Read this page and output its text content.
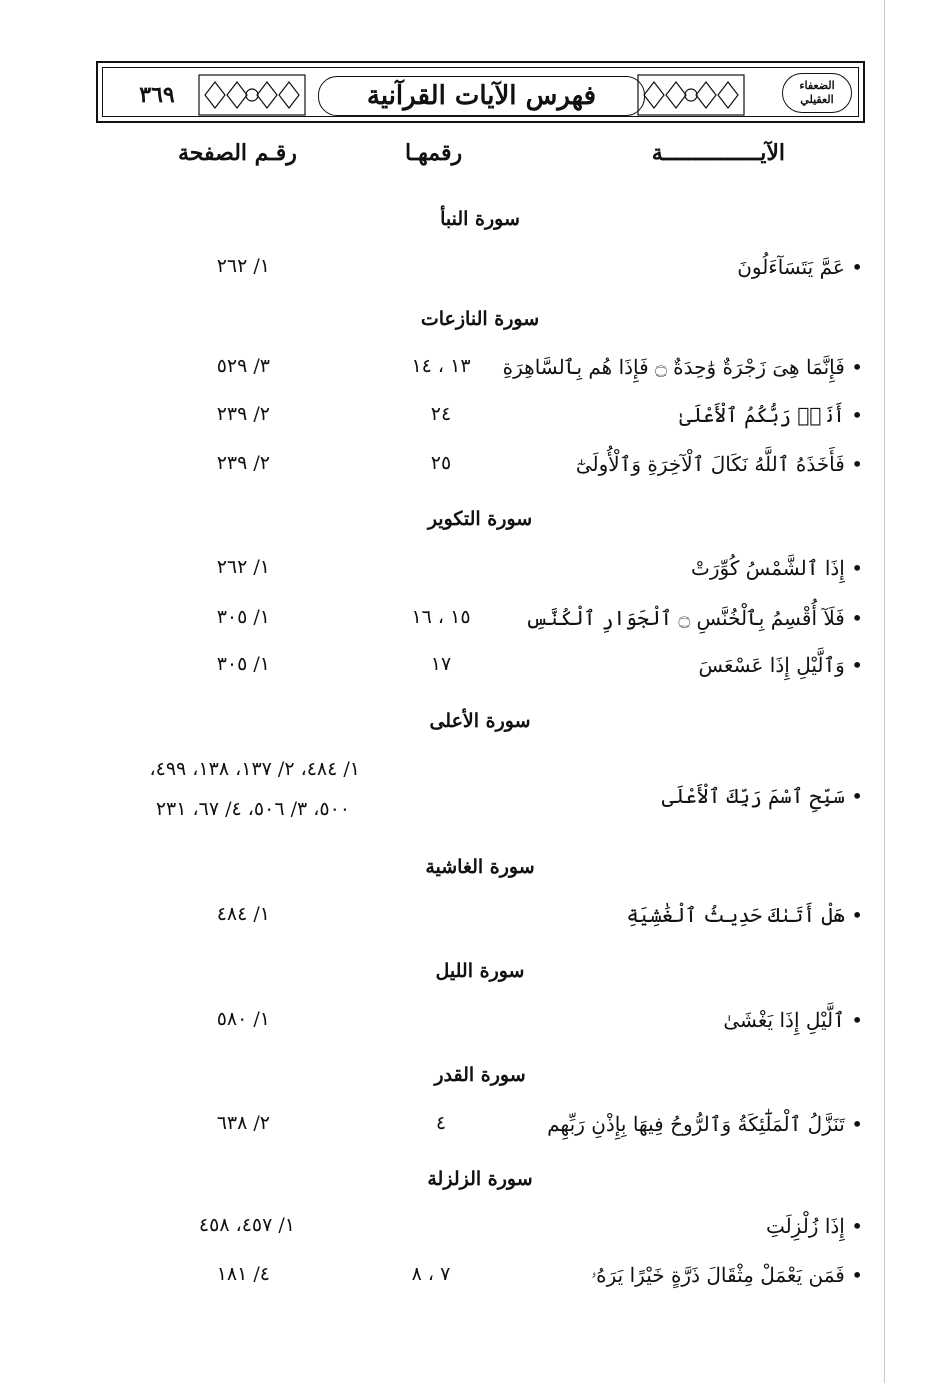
٣٦٩	فهرس الآيات القرآنية	الضعفاء العقيلي
الآيـــــــــــــــة
رقمهـا
رقـم الصفحة
سورة النبأ
• عَمَّ يَتَسَآءَلُونَ
١/ ٢٦٢
سورة النازعات
• فَإِنَّمَا هِىَ زَجْرَةٌ وَٰحِدَةٌ ۝ فَإِذَا هُم بِٱلسَّاهِرَةِ
١٣ ، ١٤
٣/ ٥٢٩
• أَنَا۠ رَبُّكُمُ ٱلْأَعْلَىٰ
٢٤
٢/ ٢٣٩
• فَأَخَذَهُ ٱللَّهُ نَكَالَ ٱلْآخِرَةِ وَٱلْأُولَىٰٓ
٢٥
٢/ ٢٣٩
سورة التكوير
• إِذَا ٱلشَّمْسُ كُوِّرَتْ
١/ ٢٦٢
• فَلَآ أُقْسِمُ بِٱلْخُنَّسِ ۝ ٱلْجَوَارِ ٱلْكُنَّسِ
١٥ ، ١٦
١/ ٣٠٥
• وَٱلَّيْلِ إِذَا عَسْعَسَ
١٧
١/ ٣٠٥
سورة الأعلى
• سَبِّحِ ٱسْمَ رَبِّكَ ٱلْأَعْلَى
١/ ٤٨٤، ٢/ ١٣٧، ١٣٨، ٤٩٩،
٥٠٠، ٣/ ٥٠٦، ٤/ ٦٧، ٢٣١
سورة الغاشية
• هَلْ أَتَىٰكَ حَدِيثُ ٱلْغَٰشِيَةِ
١/ ٤٨٤
سورة الليل
• ٱلَّيْلِ إِذَا يَغْشَىٰ
١/ ٥٨٠
سورة القدر
• تَنَزَّلُ ٱلْمَلَٰٓئِكَةُ وَٱلرُّوحُ فِيهَا بِإِذْنِ رَبِّهِم
٤
٢/ ٦٣٨
سورة الزلزلة
• إِذَا زُلْزِلَتِ
١/ ٤٥٧، ٤٥٨
• فَمَن يَعْمَلْ مِثْقَالَ ذَرَّةٍ خَيْرًا يَرَهُۥ
٧ ، ٨
٤/ ١٨١
